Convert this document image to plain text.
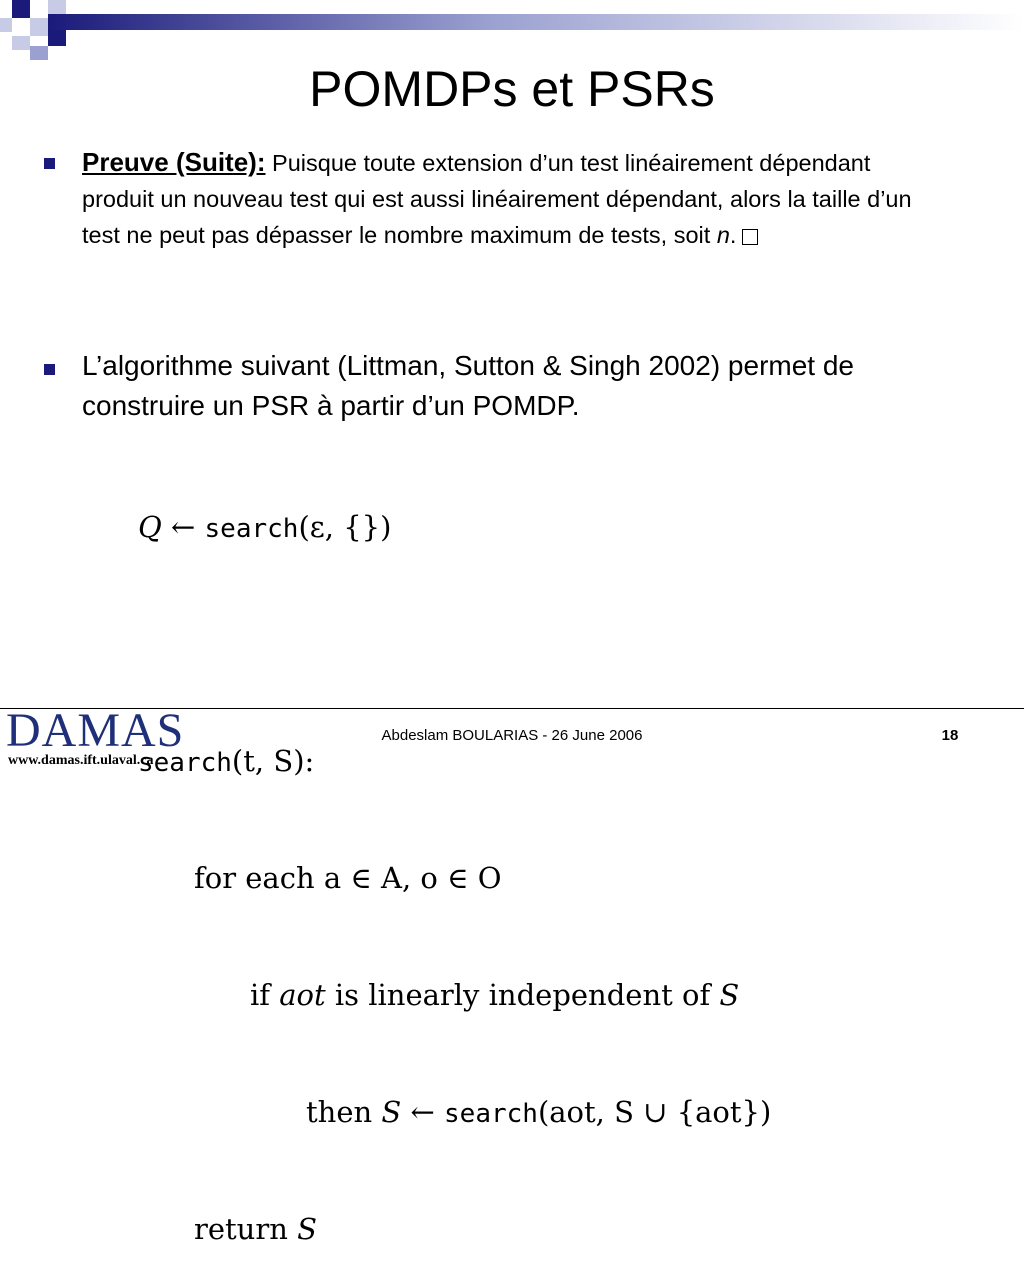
POMDPs et PSRs
Preuve (Suite): Puisque toute extension d’un test linéairement dépendant produit un nouveau test qui est aussi linéairement dépendant, alors la taille d’un test ne peut pas dépasser le nombre maximum de tests, soit n.
L’algorithme suivant (Littman, Sutton & Singh 2002) permet de construire un PSR à partir d’un POMDP.

Q ← search(ε, {})

search(t, S):

for each a ∈ A, o ∈ O

if aot is linearly independent of S

then S ← search(aot, S ∪ {aot})

return S

DAMAS
www.damas.ift.ulaval.ca
Abdeslam BOULARIAS - 26 June 2006	18
